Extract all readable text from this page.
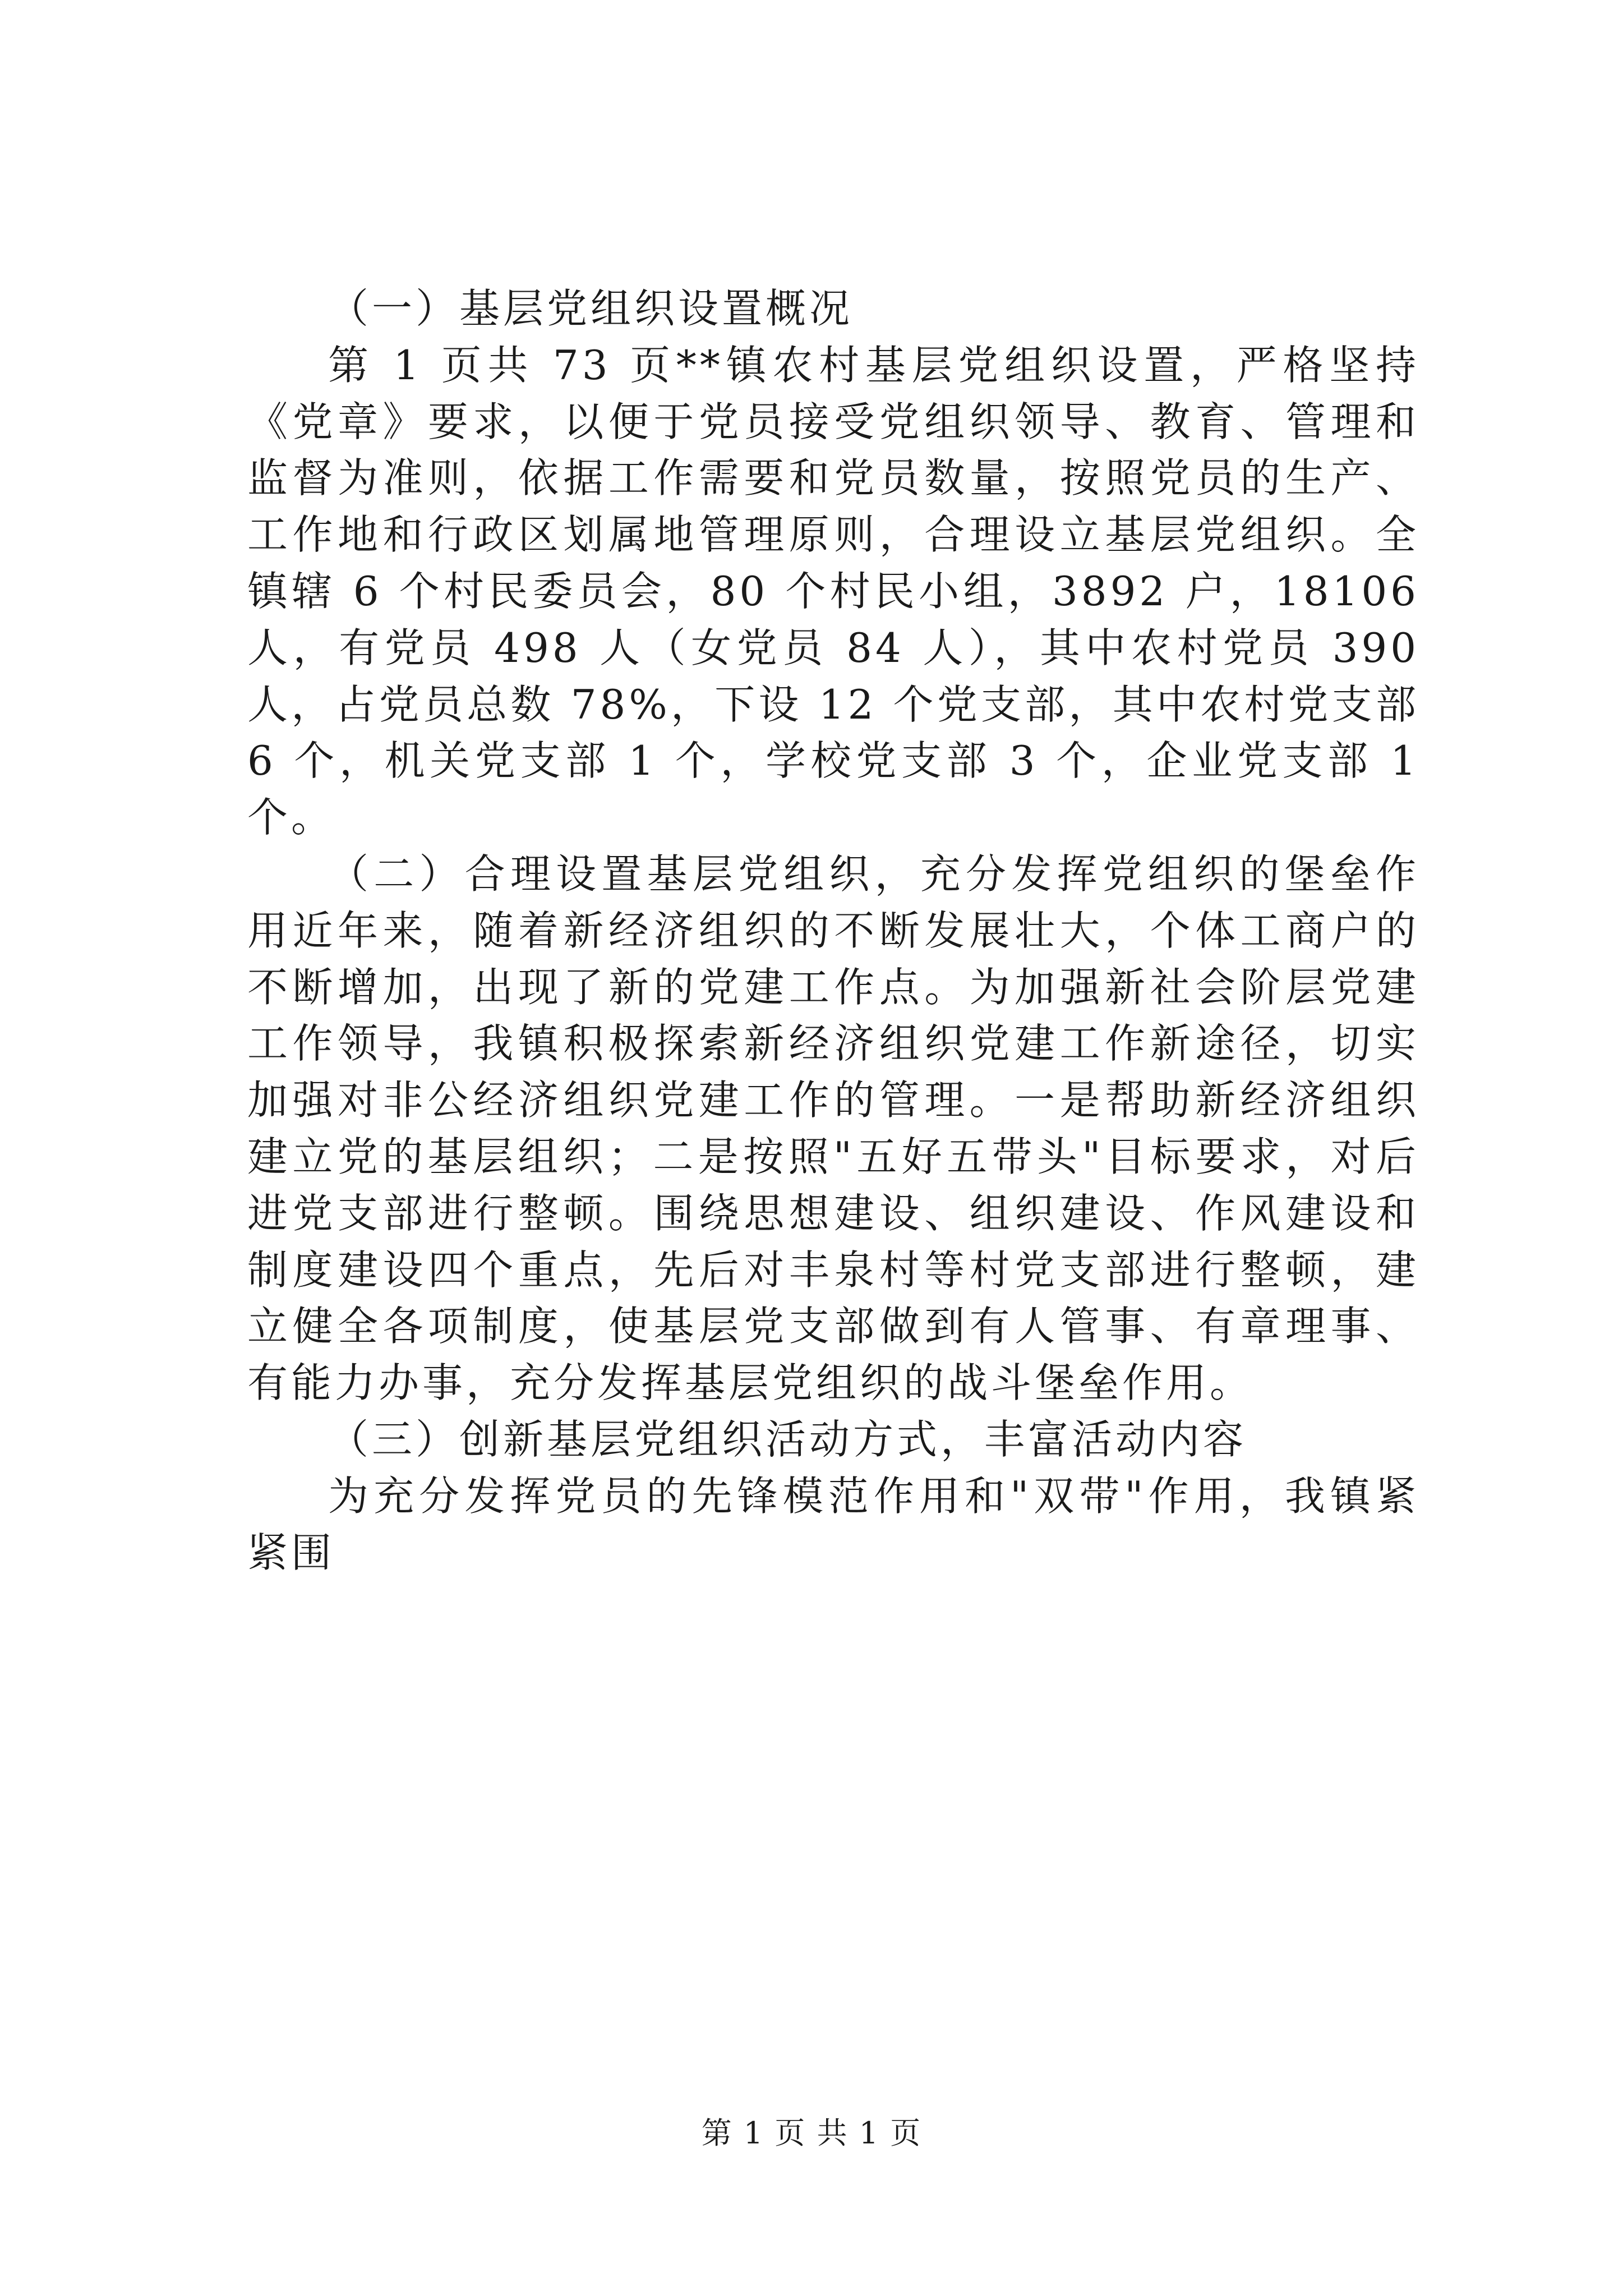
（一）基层党组织设置概况

第 1 页共 73 页**镇农村基层党组织设置，严格坚持《党章》要求，以便于党员接受党组织领导、教育、管理和监督为准则，依据工作需要和党员数量，按照党员的生产、工作地和行政区划属地管理原则，合理设立基层党组织。全镇辖 6 个村民委员会，80 个村民小组，3892 户，18106 人，有党员 498 人（女党员 84 人），其中农村党员 390 人，占党员总数 78%，下设 12 个党支部，其中农村党支部 6 个，机关党支部 1 个，学校党支部 3 个，企业党支部 1 个。

（二）合理设置基层党组织，充分发挥党组织的堡垒作用近年来，随着新经济组织的不断发展壮大，个体工商户的不断增加，出现了新的党建工作点。为加强新社会阶层党建工作领导，我镇积极探索新经济组织党建工作新途径，切实加强对非公经济组织党建工作的管理。一是帮助新经济组织建立党的基层组织；二是按照"五好五带头"目标要求，对后进党支部进行整顿。围绕思想建设、组织建设、作风建设和制度建设四个重点，先后对丰泉村等村党支部进行整顿，建立健全各项制度，使基层党支部做到有人管事、有章理事、有能力办事，充分发挥基层党组织的战斗堡垒作用。

（三）创新基层党组织活动方式，丰富活动内容

为充分发挥党员的先锋模范作用和"双带"作用，我镇紧紧围

第 1 页 共 1 页
